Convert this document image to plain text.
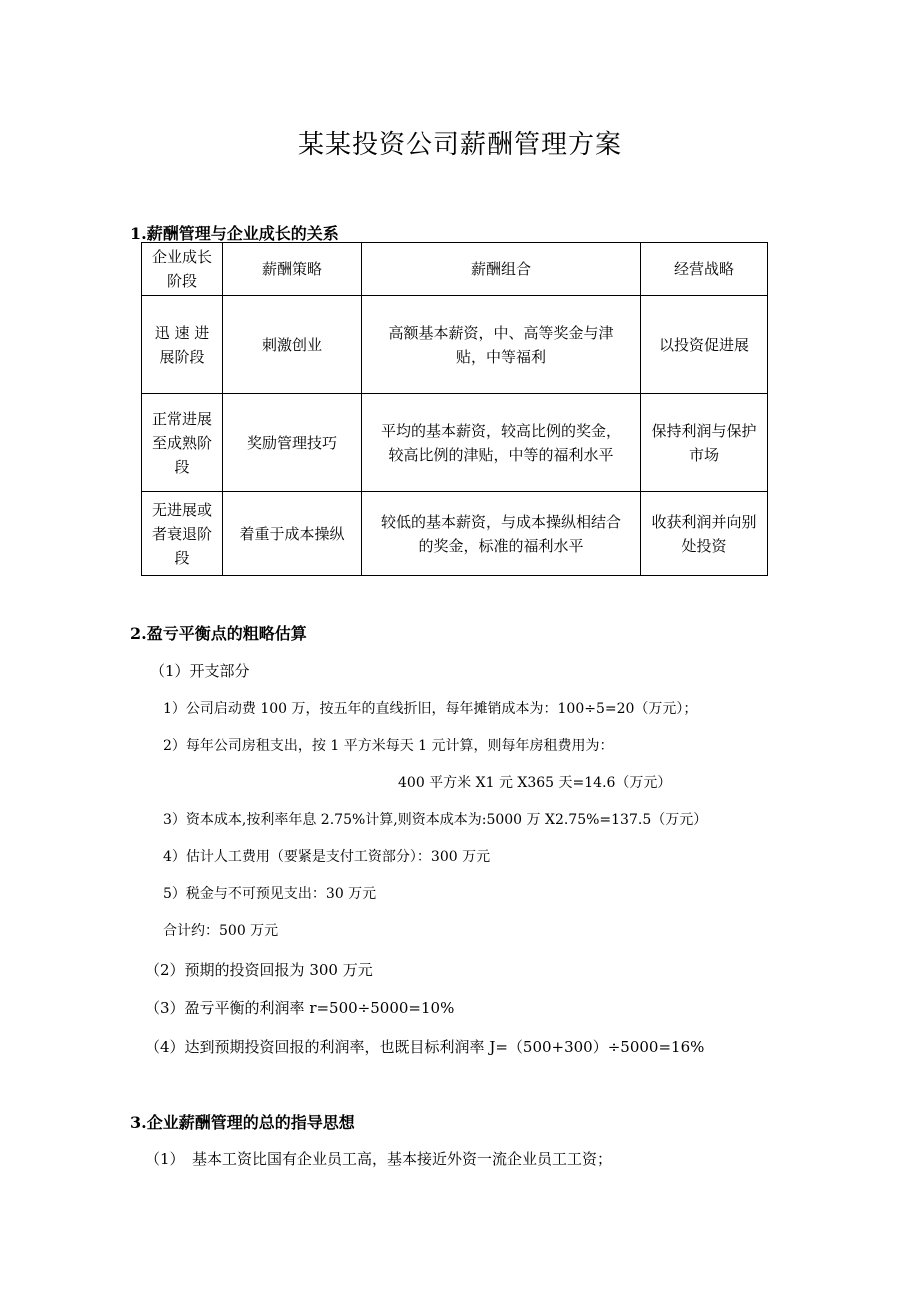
某某投资公司薪酬管理方案
1.薪酬管理与企业成长的关系
企业成长
阶段	薪酬策略	薪酬组合	经营战略
迅 速 进
展阶段	刺激创业	高额基本薪资，中、高等奖金与津
贴，中等福利	以投资促进展
正常进展
至成熟阶
段	奖励管理技巧	平均的基本薪资，较高比例的奖金，
较高比例的津贴，中等的福利水平	保持利润与保护
市场
无进展或
者衰退阶
段	着重于成本操纵	较低的基本薪资，与成本操纵相结合
的奖金，标准的福利水平	收获利润并向别
处投资
2.盈亏平衡点的粗略估算
（1）开支部分
1）公司启动费 100 万，按五年的直线折旧，每年摊销成本为：100÷5=20（万元）；
2）每年公司房租支出，按 1 平方米每天 1 元计算，则每年房租费用为：
400 平方米 X1 元 X365 天=14.6（万元）
3）资本成本,按利率年息 2.75%计算,则资本成本为:5000 万 X2.75%=137.5（万元）
4）估计人工费用（要紧是支付工资部分）：300 万元
5）税金与不可预见支出：30 万元
合计约：500 万元
（2）预期的投资回报为 300 万元
（3）盈亏平衡的利润率 r=500÷5000=10%
（4）达到预期投资回报的利润率，也既目标利润率 J=（500+300）÷5000=16%
3.企业薪酬管理的总的指导思想
（1）　基本工资比国有企业员工高，基本接近外资一流企业员工工资；
